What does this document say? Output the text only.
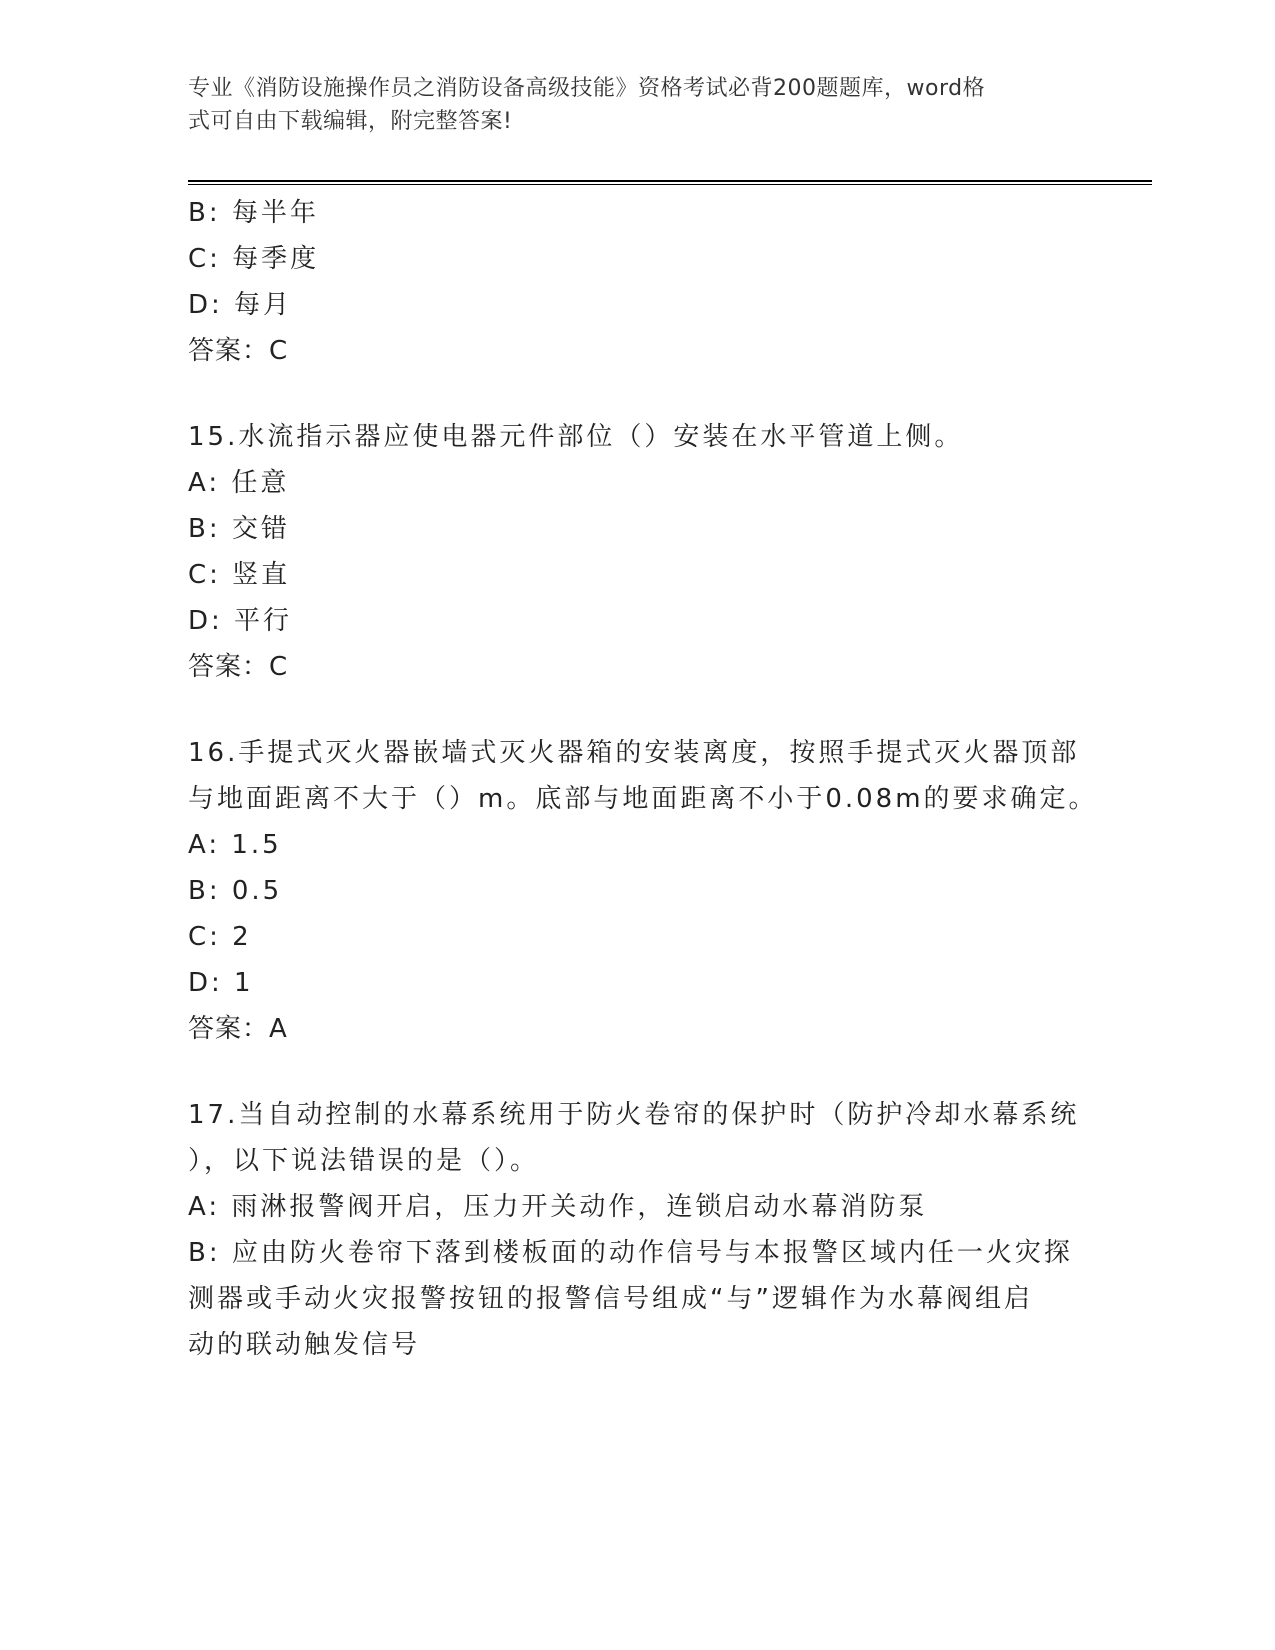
专业《消防设施操作员之消防设备高级技能》资格考试必背200题题库，word格
式可自由下载编辑，附完整答案!
B: 每半年
C: 每季度
D: 每月
答案：C
15.水流指示器应使电器元件部位（）安装在水平管道上侧。
A: 任意
B: 交错
C: 竖直
D: 平行
答案：C
16.手提式灭火器嵌墙式灭火器箱的安装离度，按照手提式灭火器顶部
与地面距离不大于（）m。底部与地面距离不小于0.08m的要求确定。
A: 1.5
B: 0.5
C: 2
D: 1
答案：A
17.当自动控制的水幕系统用于防火卷帘的保护时（防护冷却水幕系统
），以下说法错误的是（）。
A: 雨淋报警阀开启，压力开关动作，连锁启动水幕消防泵
B: 应由防火卷帘下落到楼板面的动作信号与本报警区域内任一火灾探
测器或手动火灾报警按钮的报警信号组成“与”逻辑作为水幕阀组启
动的联动触发信号
